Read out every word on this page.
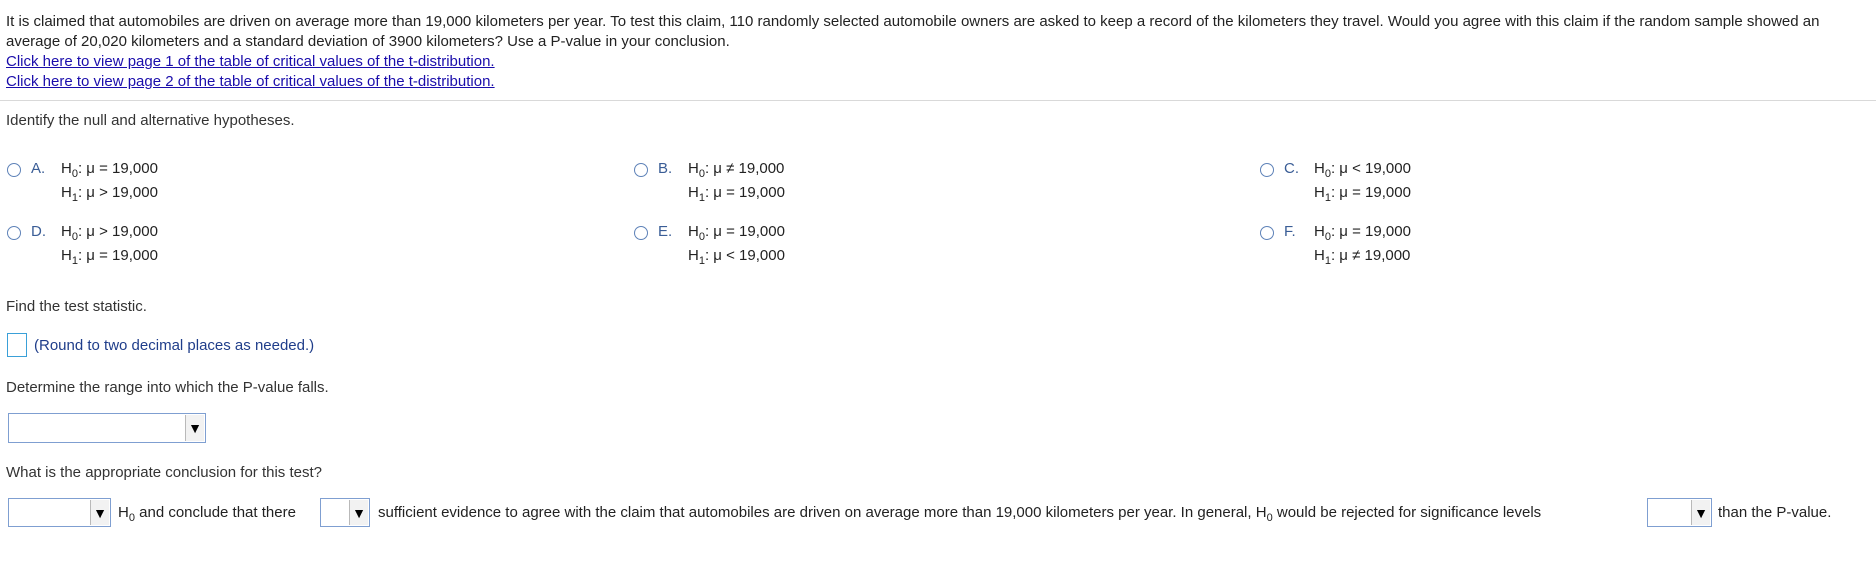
It is claimed that automobiles are driven on average more than 19,000 kilometers per year. To test this claim, 110 randomly selected automobile owners are asked to keep a record of the kilometers they travel. Would you agree with this claim if the random sample showed an average of 20,020 kilometers and a standard deviation of 3900 kilometers? Use a P-value in your conclusion.

Click here to view page 1 of the table of critical values of the t-distribution.
Click here to view page 2 of the table of critical values of the t-distribution.
Identify the null and alternative hypotheses.
A. $H_0$: μ = 19,000
$H_1$: μ > 19,000
B. $H_0$: μ ≠ 19,000
$H_1$: μ = 19,000
C. $H_0$: μ < 19,000
$H_1$: μ = 19,000
D. $H_0$: μ > 19,000
$H_1$: μ = 19,000
E. $H_0$: μ = 19,000
$H_1$: μ < 19,000
F. $H_0$: μ = 19,000
$H_1$: μ ≠ 19,000
Find the test statistic.
(Round to two decimal places as needed.)
Determine the range into which the P-value falls.
▼
What is the appropriate conclusion for this test?
▼ $H_0$ and conclude that there	▼ sufficient evidence to agree with the claim that automobiles are driven on average more than 19,000 kilometers per year. In general, $H_0$ would be rejected for significance levels	▼ than the P-value.
